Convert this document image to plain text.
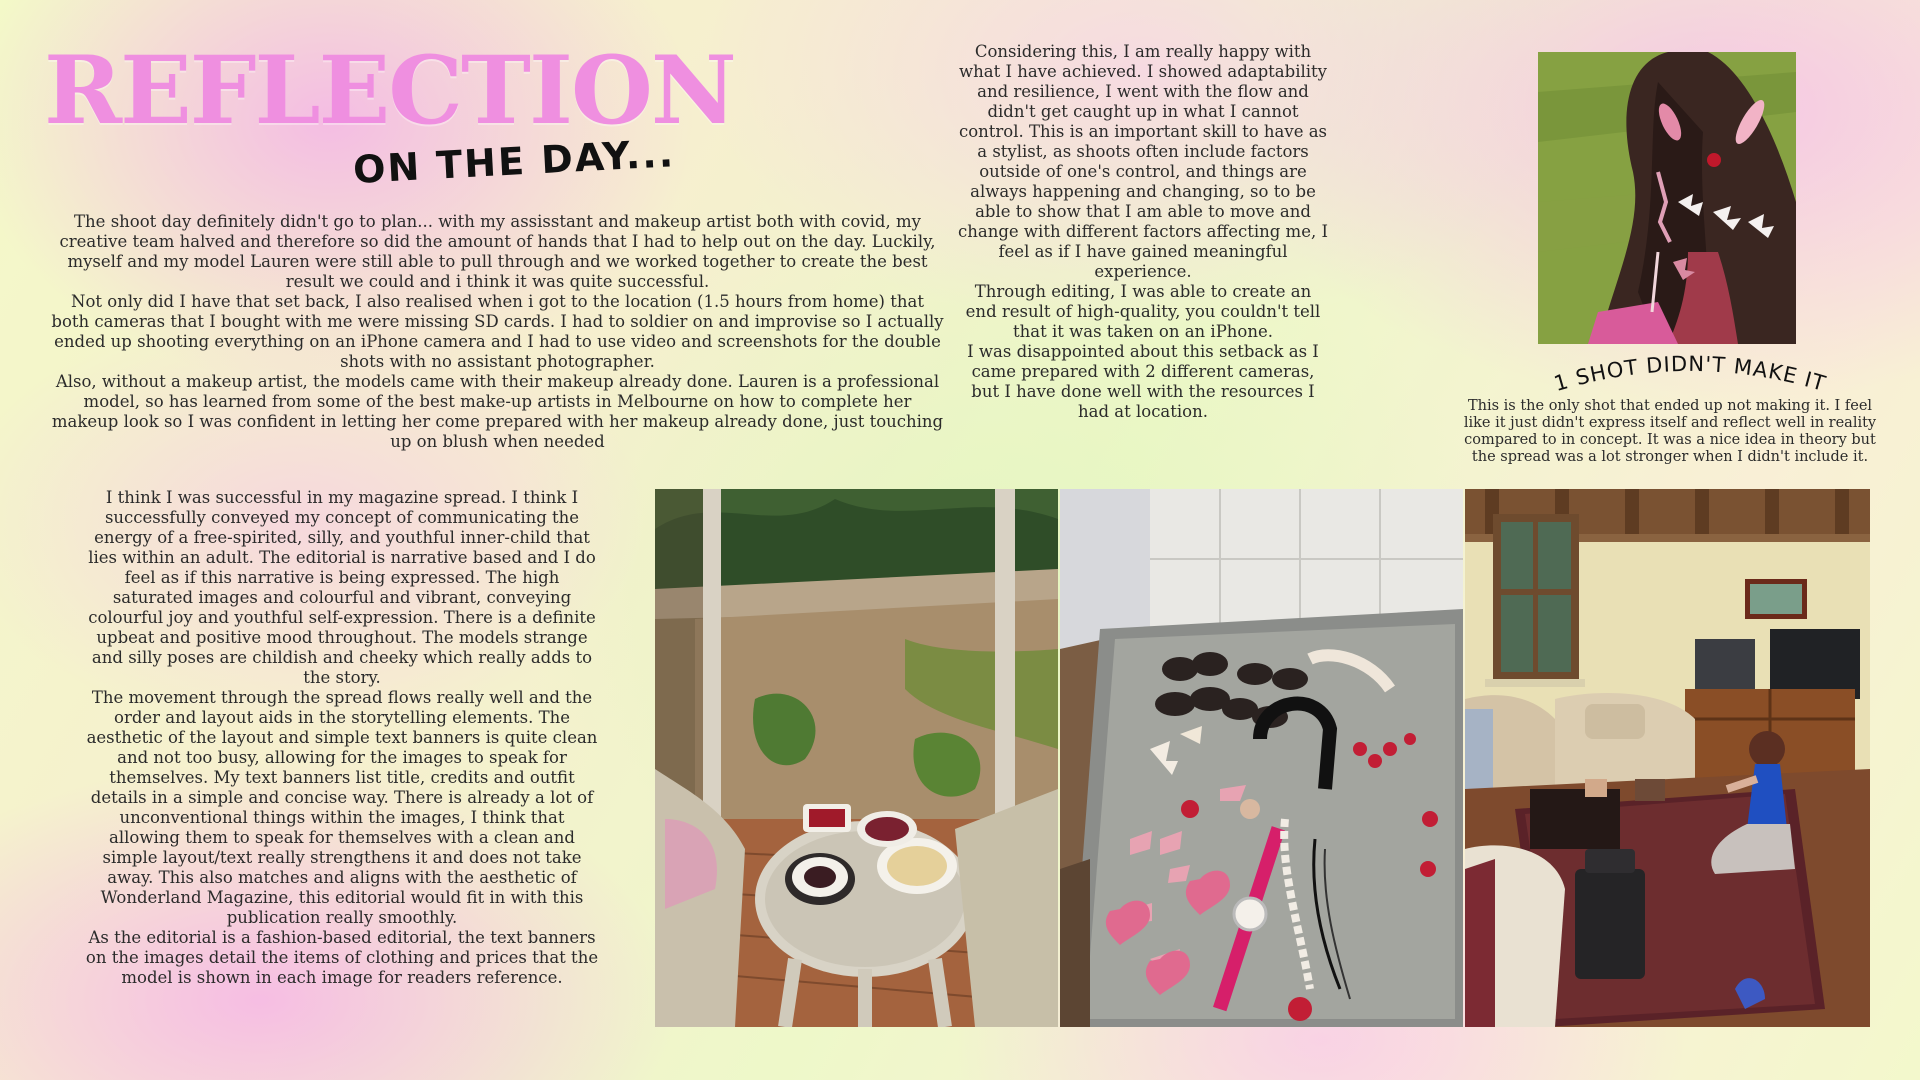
REFLECTION
ON THE DAY...

The shoot day definitely didn't go to plan... with my assisstant and makeup artist both with covid, my creative team halved and therefore so did the amount of hands that I had to help out on the day. Luckily, myself and my model Lauren were still able to pull through and we worked together to create the best result we could and i think it was quite successful.

Not only did I have that set back, I also realised when i got to the location (1.5 hours from home) that both cameras that I bought with me were missing SD cards. I had to soldier on and improvise so I actually ended up shooting everything on an iPhone camera and I had to use video and screenshots for the double shots with no assistant photographer.

Also, without a makeup artist, the models came with their makeup already done. Lauren is a professional model, so has learned from some of the best make-up artists in Melbourne on how to complete her makeup look so I was confident in letting her come prepared with her makeup already done, just touching up on blush when needed

Considering this, I am really happy with what I have achieved. I showed adaptability and resilience, I went with the flow and didn't get caught up in what I cannot control. This is an important skill to have as a stylist, as shoots often include factors outside of one's control, and things are always happening and changing, so to be able to show that I am able to move and change with different factors affecting me, I feel as if I have gained meaningful experience.

Through editing, I was able to create an end result of high-quality, you couldn't tell that it was taken on an iPhone.

I was disappointed about this setback as I came prepared with 2 different cameras, but I have done well with the resources I had at location.

I think I was successful in my magazine spread. I think I successfully conveyed my concept of communicating the energy of a free-spirited, silly, and youthful inner-child that lies within an adult. The editorial is narrative based and I do feel as if this narrative is being expressed. The high saturated images and colourful and vibrant, conveying colourful joy and youthful self-expression. There is a definite upbeat and positive mood throughout. The models strange and silly poses are childish and cheeky which really adds to the story.

The movement through the spread flows really well and the order and layout aids in the storytelling elements. The aesthetic of the layout and simple text banners is quite clean and not too busy, allowing for the images to speak for themselves. My text banners list title, credits and outfit details in a simple and concise way. There is already a lot of unconventional things within the images, I think that allowing them to speak for themselves with a clean and simple layout/text really strengthens it and does not take away. This also matches and aligns with the aesthetic of Wonderland Magazine, this editorial would fit in with this publication really smoothly.

As the editorial is a fashion-based editorial, the text banners on the images detail the items of clothing and prices that the model is shown in each image for readers reference.

1 SHOT DIDN'T MAKE IT

This is the only shot that ended up not making it. I feel like it just didn't express itself and reflect well in reality compared to in concept. It was a nice idea in theory but the spread was a lot stronger when I didn't include it.
